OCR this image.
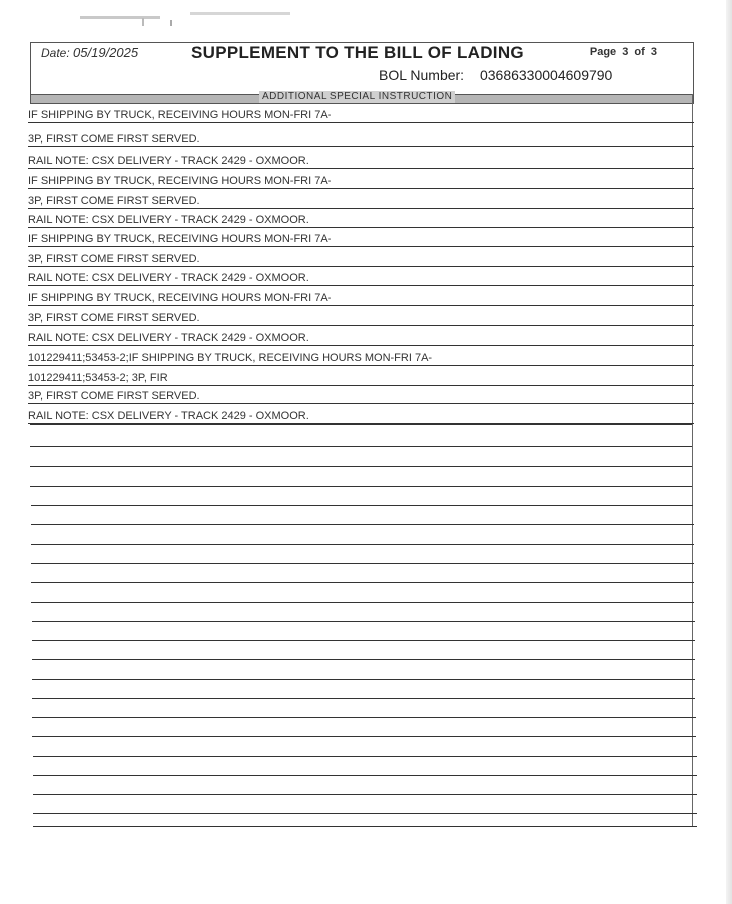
Date: 05/19/2025	SUPPLEMENT TO THE BILL OF LADING	Page 3 of 3
BOL Number: 03686330004609790
ADDITIONAL SPECIAL INSTRUCTION
IF SHIPPING BY TRUCK, RECEIVING HOURS MON-FRI 7A-
3P, FIRST COME FIRST SERVED.
RAIL NOTE: CSX DELIVERY - TRACK 2429 - OXMOOR.
IF SHIPPING BY TRUCK, RECEIVING HOURS MON-FRI 7A-
3P, FIRST COME FIRST SERVED.
RAIL NOTE: CSX DELIVERY - TRACK 2429 - OXMOOR.
IF SHIPPING BY TRUCK, RECEIVING HOURS MON-FRI 7A-
3P, FIRST COME FIRST SERVED.
RAIL NOTE: CSX DELIVERY - TRACK 2429 - OXMOOR.
IF SHIPPING BY TRUCK, RECEIVING HOURS MON-FRI 7A-
3P, FIRST COME FIRST SERVED.
RAIL NOTE: CSX DELIVERY - TRACK 2429 - OXMOOR.
101229411;53453-2;IF SHIPPING BY TRUCK, RECEIVING HOURS MON-FRI 7A-
101229411;53453-2; 3P, FIR
3P, FIRST COME FIRST SERVED.
RAIL NOTE: CSX DELIVERY - TRACK 2429 - OXMOOR.
